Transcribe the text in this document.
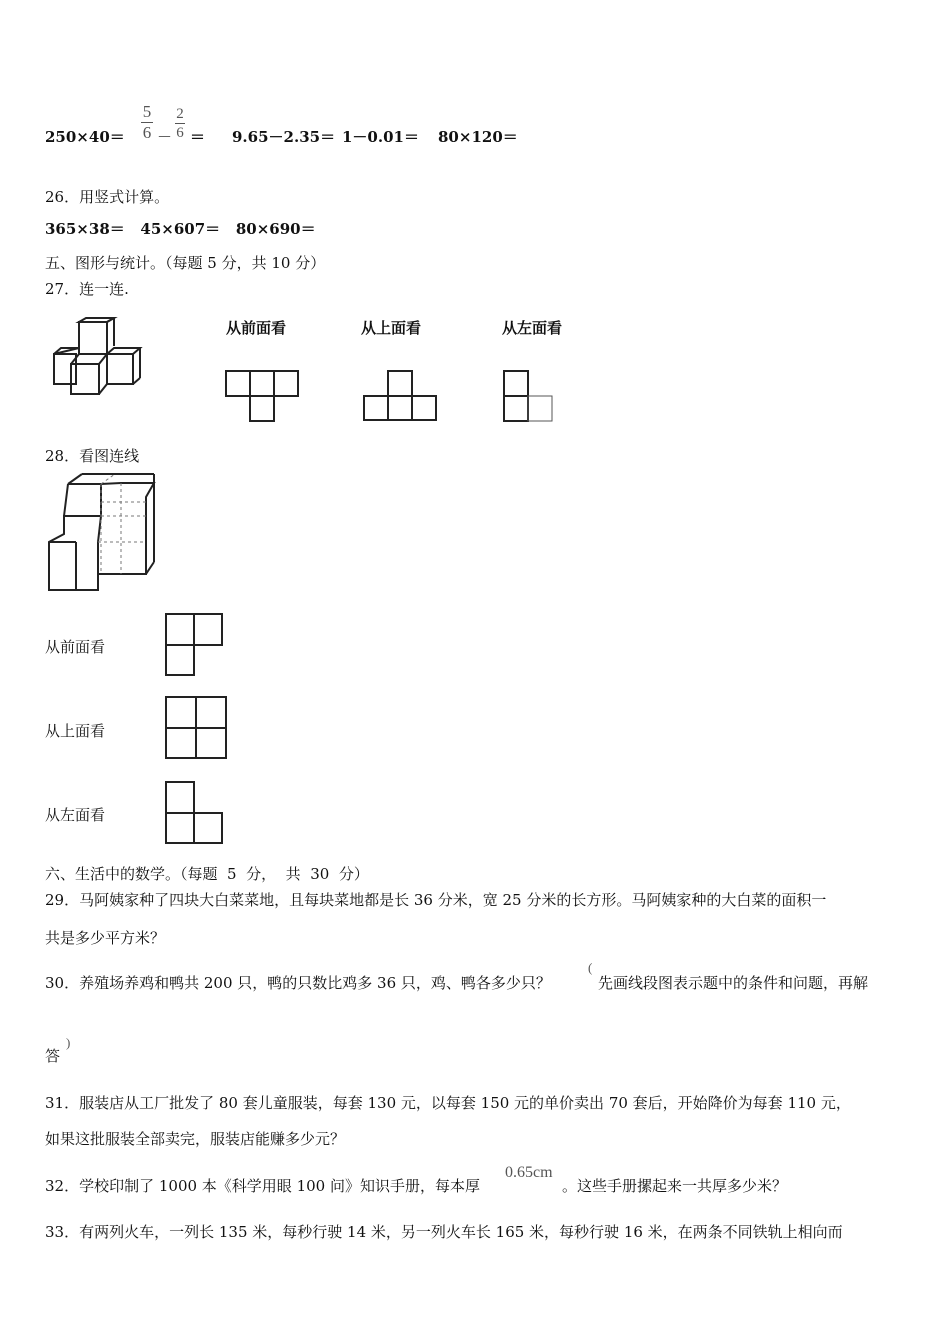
250×40＝
5
6 －
2
6 ＝ 9.65－2.35＝ 1－0.01＝ 80×120＝
26．用竖式计算。
365×38＝   45×607＝   80×690＝
五、图形与统计。（每题 5 分，共 10 分）
27．连一连.
从前面看	从上面看	从左面看
28．看图连线
从前面看
从上面看
从左面看
六、生活中的数学。（每题  5  分，  共  30  分）
29．马阿姨家种了四块大白菜菜地，且每块菜地都是长 36 分米，宽 25 分米的长方形。马阿姨家种的大白菜的面积一
共是多少平方米？
30．养殖场养鸡和鸭共 200 只，鸭的只数比鸡多 36 只，鸡、鸭各多少只？
(
先画线段图表示题中的条件和问题，再解
)
答
31．服装店从工厂批发了 80 套儿童服装，每套 130 元，以每套 150 元的单价卖出 70 套后，开始降价为每套 110 元，
如果这批服装全部卖完，服装店能赚多少元？
32．学校印制了 1000 本《科学用眼 100 问》知识手册，每本厚
0.65cm
。这些手册摞起来一共厚多少米？
33．有两列火车，一列长 135 米，每秒行驶 14 米，另一列火车长 165 米，每秒行驶 16 米，在两条不同铁轨上相向而
